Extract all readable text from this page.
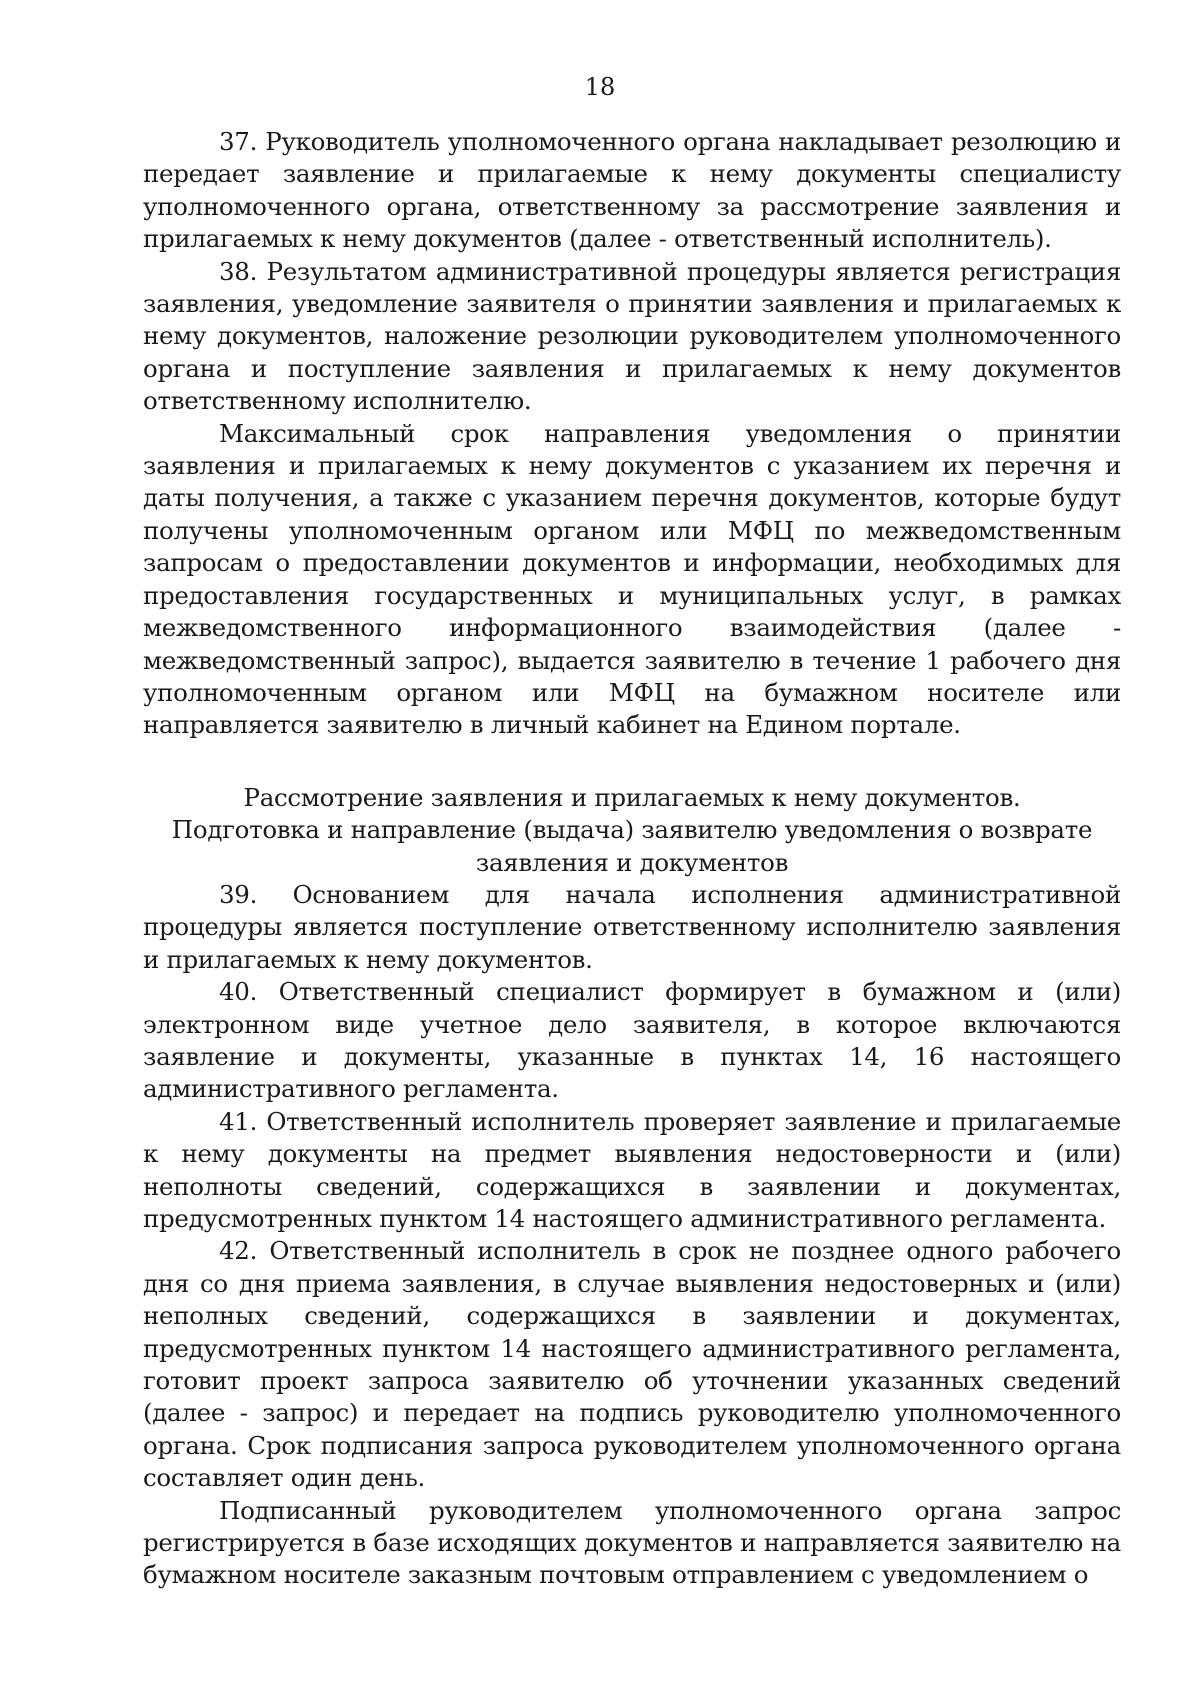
18

37. Руководитель уполномоченного органа накладывает резолюцию и передает заявление и прилагаемые к нему документы специалисту уполномоченного органа, ответственному за рассмотрение заявления и прилагаемых к нему документов (далее - ответственный исполнитель).

38. Результатом административной процедуры является регистрация заявления, уведомление заявителя о принятии заявления и прилагаемых к нему документов, наложение резолюции руководителем уполномоченного органа и поступление заявления и прилагаемых к нему документов ответственному исполнителю.

Максимальный срок направления уведомления о принятии заявления и прилагаемых к нему документов с указанием их перечня и даты получения, а также с указанием перечня документов, которые будут получены уполномоченным органом или МФЦ по межведомственным запросам о предоставлении документов и информации, необходимых для предоставления государственных и муниципальных услуг, в рамках межведомственного информационного взаимодействия (далее - межведомственный запрос), выдается заявителю в течение 1 рабочего дня уполномоченным органом или МФЦ на бумажном носителе или направляется заявителю в личный кабинет на Едином портале.

Рассмотрение заявления и прилагаемых к нему документов.
Подготовка и направление (выдача) заявителю уведомления о возврате
заявления и документов

39. Основанием для начала исполнения административной процедуры является поступление ответственному исполнителю заявления и прилагаемых к нему документов.

40. Ответственный специалист формирует в бумажном и (или) электронном виде учетное дело заявителя, в которое включаются заявление и документы, указанные в пунктах 14, 16 настоящего административного регламента.

41. Ответственный исполнитель проверяет заявление и прилагаемые к нему документы на предмет выявления недостоверности и (или) неполноты сведений, содержащихся в заявлении и документах, предусмотренных пунктом 14 настоящего административного регламента.

42. Ответственный исполнитель в срок не позднее одного рабочего дня со дня приема заявления, в случае выявления недостоверных и (или) неполных сведений, содержащихся в заявлении и документах, предусмотренных пунктом 14 настоящего административного регламента, готовит проект запроса заявителю об уточнении указанных сведений (далее - запрос) и передает на подпись руководителю уполномоченного органа. Срок подписания запроса руководителем уполномоченного органа составляет один день.

Подписанный руководителем уполномоченного органа запрос регистрируется в базе исходящих документов и направляется заявителю на бумажном носителе заказным почтовым отправлением с уведомлением о
